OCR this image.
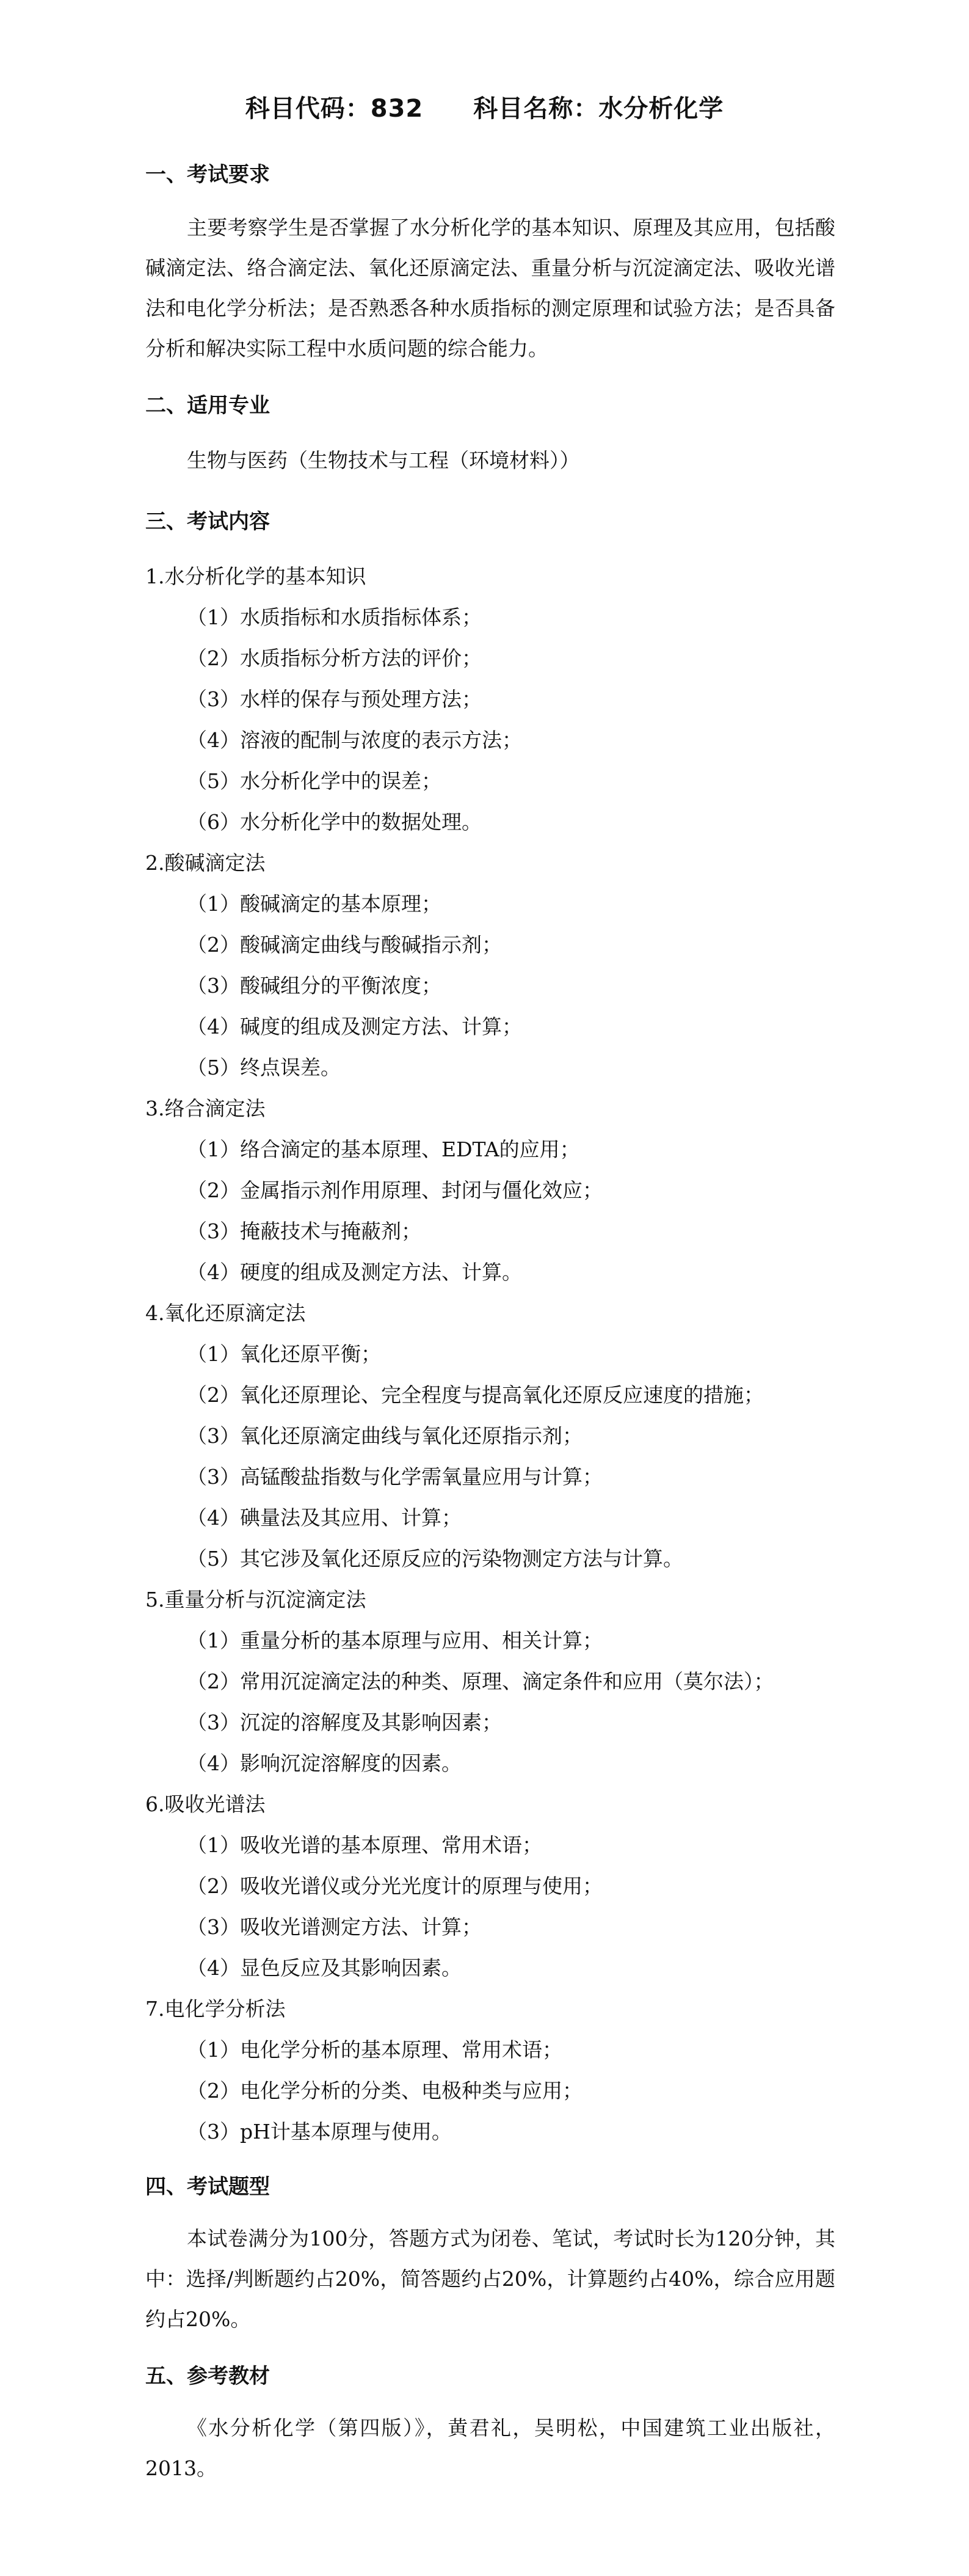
科目代码：832　　科目名称：水分析化学
一、考试要求

主要考察学生是否掌握了水分析化学的基本知识、原理及其应用，包括酸碱滴定法、络合滴定法、氧化还原滴定法、重量分析与沉淀滴定法、吸收光谱法和电化学分析法；是否熟悉各种水质指标的测定原理和试验方法；是否具备分析和解决实际工程中水质问题的综合能力。

二、适用专业
生物与医药（生物技术与工程（环境材料））
三、考试内容
1.水分析化学的基本知识
（1）水质指标和水质指标体系；
（2）水质指标分析方法的评价；
（3）水样的保存与预处理方法；
（4）溶液的配制与浓度的表示方法；
（5）水分析化学中的误差；
（6）水分析化学中的数据处理。
2.酸碱滴定法
（1）酸碱滴定的基本原理；
（2）酸碱滴定曲线与酸碱指示剂；
（3）酸碱组分的平衡浓度；
（4）碱度的组成及测定方法、计算；
（5）终点误差。
3.络合滴定法
（1）络合滴定的基本原理、EDTA的应用；
（2）金属指示剂作用原理、封闭与僵化效应；
（3）掩蔽技术与掩蔽剂；
（4）硬度的组成及测定方法、计算。
4.氧化还原滴定法
（1）氧化还原平衡；
（2）氧化还原理论、完全程度与提高氧化还原反应速度的措施；
（3）氧化还原滴定曲线与氧化还原指示剂；
（3）高锰酸盐指数与化学需氧量应用与计算；
（4）碘量法及其应用、计算；
（5）其它涉及氧化还原反应的污染物测定方法与计算。
5.重量分析与沉淀滴定法
（1）重量分析的基本原理与应用、相关计算；
（2）常用沉淀滴定法的种类、原理、滴定条件和应用（莫尔法）；
（3）沉淀的溶解度及其影响因素；
（4）影响沉淀溶解度的因素。
6.吸收光谱法
（1）吸收光谱的基本原理、常用术语；
（2）吸收光谱仪或分光光度计的原理与使用；
（3）吸收光谱测定方法、计算；
（4）显色反应及其影响因素。
7.电化学分析法
（1）电化学分析的基本原理、常用术语；
（2）电化学分析的分类、电极种类与应用；
（3）pH计基本原理与使用。
四、考试题型

本试卷满分为100分，答题方式为闭卷、笔试，考试时长为120分钟，其中：选择/判断题约占20%，简答题约占20%，计算题约占40%，综合应用题约占20%。

五、参考教材

《水分析化学（第四版）》，黄君礼，吴明松，中国建筑工业出版社，2013。
